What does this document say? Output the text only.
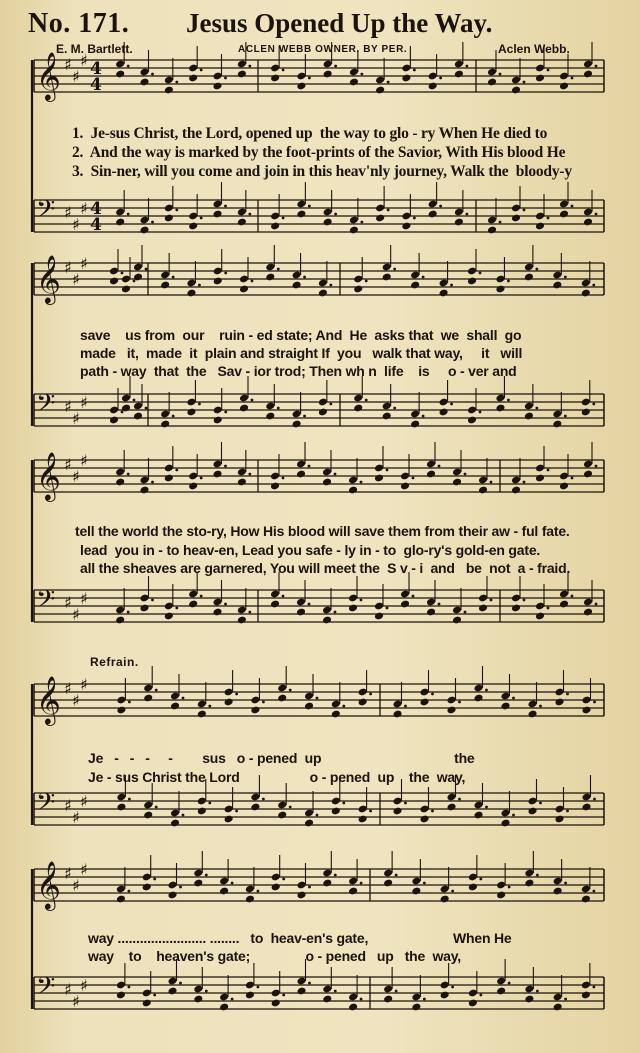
No. 171. Jesus Opened Up the Way.
E. M. Bartlett.	ACLEN WEBB OWNER. BY PER.	Aclen Webb.
𝄞 ♯
♯
♯ 4
4
𝄢 ♯
♯
♯ 4
4
𝄞 ♯
♯
♯
𝄢 ♯
♯
♯
𝄞 ♯
♯
♯
𝄢 ♯
♯
♯
𝄞 ♯
♯
♯
𝄢 ♯
♯
♯
𝄞 ♯
♯
♯
𝄢 ♯
♯
♯
1.  Je-sus Christ, the Lord, opened up  the way to glo - ry When He died to
2.  And the way is marked by the foot-prints of the Savior, With His blood He
3.  Sin-ner, will you come and join in this heav'nly journey, Walk the  bloody-y
save    us from  our    ruin - ed state; And  He  asks that  we  shall  go
made   it,  made  it  plain and straight If  you   walk that way,     it   will
path - way  that  the   Sav - ior trod; Then wh n  life    is     o - ver and
tell the world the sto-ry, How His blood will save them from their aw - ful fate.
lead  you in - to heav-en, Lead you safe - ly in - to  glo-ry's gold-en gate.
all the sheaves are garnered, You will meet the  S v - i  and   be  not  a - fraid.
Refrain.
Je   -   -   -     -        sus   o - pened  up                                    the
Je - sus Christ the Lord                   o - pened  up    the  way,
way ........................ ........   to  heav-en's gate,                       When He
way    to    heaven's gate;               o - pened   up   the  way,
